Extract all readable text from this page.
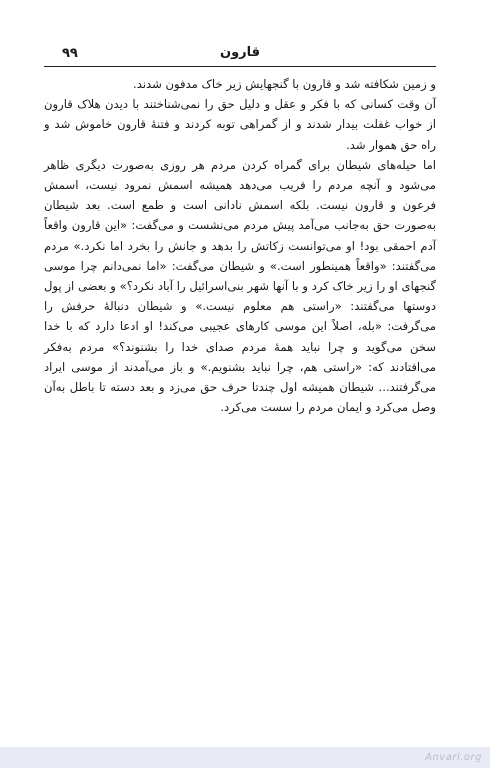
۹۹	قارون

و زمین شکافته شد و قارون با گنجهایش زیر خاک مدفون شدند.

آن وقت کسانی که با فکر و عقل و دلیل حق را نمی‌شناختند با دیدن هلاک قارون از خواب غفلت بیدار شدند و از گمراهی توبه کردند و فتنهٔ قارون خاموش شد و راه حق هموار شد.

اما حیله‌های شیطان برای گمراه کردن مردم هر روزی به‌صورت دیگری ظاهر می‌شود و آنچه مردم را فریب می‌دهد همیشه اسمش نمرود نیست، اسمش فرعون و قارون نیست. بلکه اسمش نادانی است و طمع است. بعد شیطان به‌صورت حق به‌جانب می‌آمد پیش مردم می‌نشست و می‌گفت: «این قارون واقعاً آدم احمقی بود! او می‌توانست زکاتش را بدهد و جانش را بخرد اما نکرد.» مردم می‌گفتند: «واقعاً همینطور است.» و شیطان می‌گفت: «اما نمی‌دانم چرا موسی گنجهای او را زیر خاک کرد و با آنها شهر بنی‌اسرائیل را آباد نکرد؟» و بعضی از پول دوستها می‌گفتند: «راستی هم معلوم نیست.» و شیطان دنبالهٔ حرفش را می‌گرفت: «بله، اصلاً این موسی کارهای عجیبی می‌کند! او ادعا دارد که با خدا سخن می‌گوید و چرا نباید همهٔ مردم صدای خدا را بشنوند؟» مردم به‌فکر می‌افتادند که: «راستی هم، چرا نباید بشنویم.» و باز می‌آمدند از موسی ایراد می‌گرفتند... شیطان همیشه اول چندتا حرف حق می‌زد و بعد دسته تا باطل به‌آن وصل می‌کرد و ایمان مردم را سست می‌کرد.

Anvari.org
